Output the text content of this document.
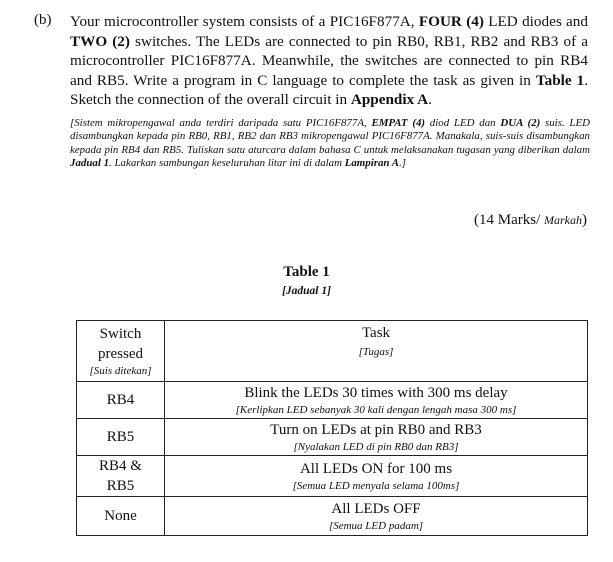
(b) Your microcontroller system consists of a PIC16F877A, FOUR (4) LED diodes and TWO (2) switches. The LEDs are connected to pin RB0, RB1, RB2 and RB3 of a microcontroller PIC16F877A. Meanwhile, the switches are connected to pin RB4 and RB5. Write a program in C language to complete the task as given in Table 1. Sketch the connection of the overall circuit in Appendix A.

[Sistem mikropengawal anda terdiri daripada satu PIC16F877A, EMPAT (4) diod LED dan DUA (2) suis. LED disambungkan kepada pin RB0, RB1, RB2 dan RB3 mikropengawal PIC16F877A. Manakala, suis-suis disambungkan kepada pin RB4 dan RB5. Tuliskan satu aturcara dalam bahasa C untuk melaksanakan tugasan yang diberikan dalam Jadual 1. Lakarkan sambungan keseluruhan litar ini di dalam Lampiran A.]
(14 Marks/ Markah)
Table 1
[Jadual 1]
Switch
pressed
[Suis ditekan]	Task
[Tugas]

RB4	Blink the LEDs 30 times with 300 ms delay
[Kerlipkan LED sebanyak 30 kali dengan lengah masa 300 ms]

RB5	Turn on LEDs at pin RB0 and RB3
[Nyalakan LED di pin RB0 dan RB3]

RB4 &
RB5	All LEDs ON for 100 ms
[Semua LED menyala selama 100ms]

None	All LEDs OFF
[Semua LED padam]
